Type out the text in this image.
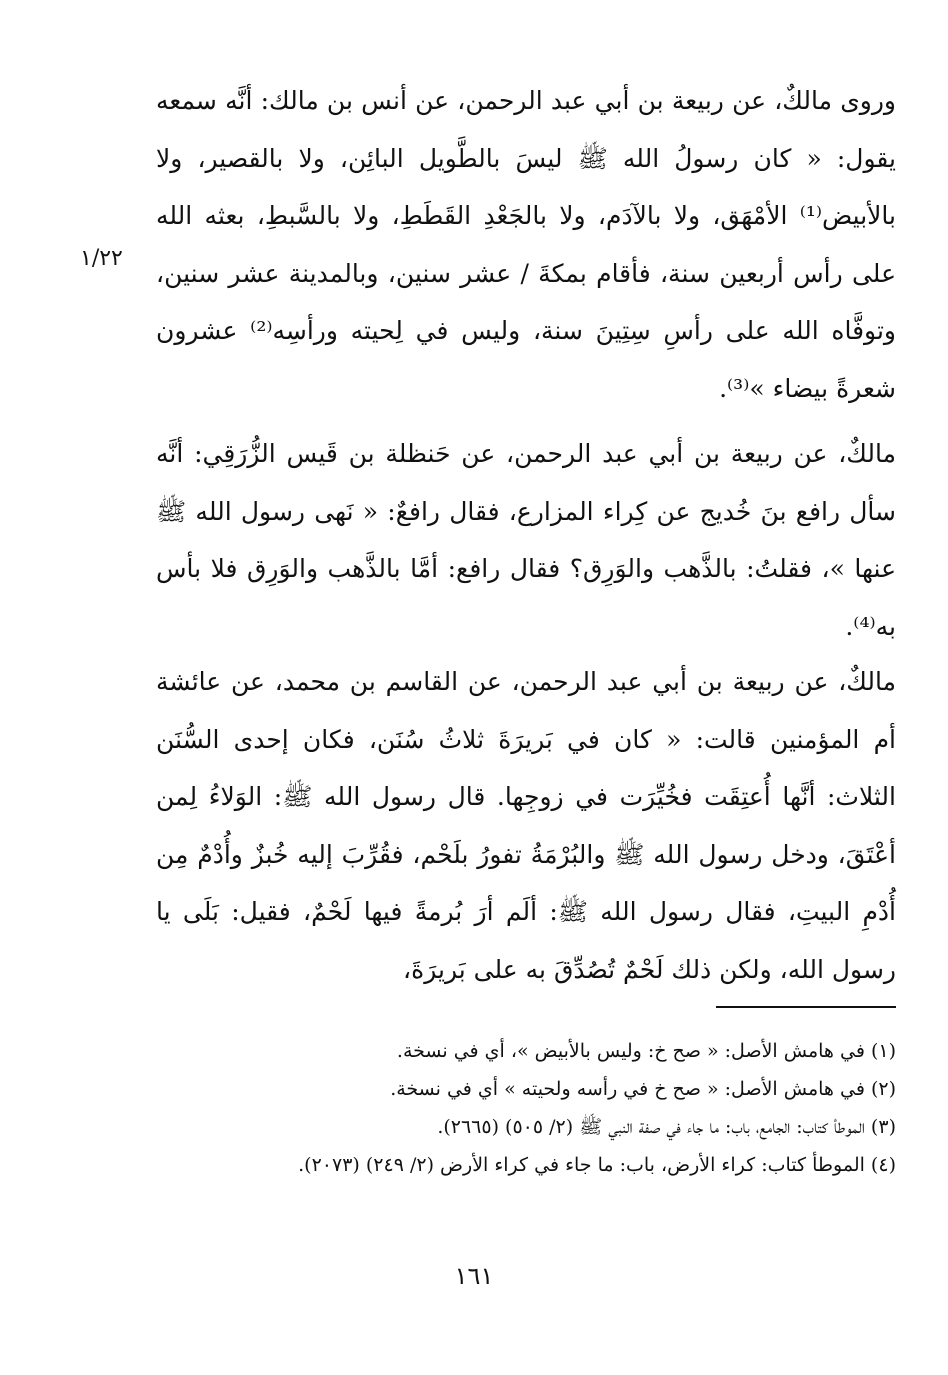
وروى مالكٌ، عن ربيعة بن أبي عبد الرحمن، عن أنس بن مالك: أنَّه سمعه يقول: « كان رسولُ الله ﷺ ليسَ بالطَّويل البائِن، ولا بالقصير، ولا بالأبيض⁽¹⁾ الأمْهَق، ولا بالآدَم، ولا بالجَعْدِ القَطَطِ، ولا بالسَّبطِ، بعثه الله على رأس أربعين سنة، فأقام بمكةَ / عشر سنين، وبالمدينة عشر سنين، وتوفَّاه الله على رأسِ سِتِينَ سنة، وليس في لِحيته ورأسِه⁽²⁾ عشرون شعرةً بيضاء »⁽³⁾.

١/٢٢

مالكٌ، عن ربيعة بن أبي عبد الرحمن، عن حَنظلة بن قَيس الزُّرَقِي: أنَّه سأل رافع بنَ خُديج عن كِراء المزارع، فقال رافعٌ: « نَهى رسول الله ﷺ عنها »، فقلتُ: بالذَّهب والوَرِق؟ فقال رافع: أمَّا بالذَّهب والوَرِق فلا بأس به⁽⁴⁾.

مالكٌ، عن ربيعة بن أبي عبد الرحمن، عن القاسم بن محمد، عن عائشة أم المؤمنين قالت: « كان في بَريرَةَ ثلاثُ سُنَن، فكان إحدى السُّنَن الثلاث: أنَّها أُعتِقَت فخُيِّرَت في زوجِها. قال رسول الله ﷺ: الوَلاءُ لِمن أعْتَقَ، ودخل رسول الله ﷺ والبُرْمَةُ تفورُ بلَحْم، فقُرِّبَ إليه خُبزٌ وأُدْمٌ مِن أُدْمِ البيتِ، فقال رسول الله ﷺ: ألَم أرَ بُرمةً فيها لَحْمٌ، فقيل: بَلَى يا رسول الله، ولكن ذلك لَحْمٌ تُصُدِّقَ به على بَريرَةَ،

(١) في هامش الأصل: « صح خ: وليس بالأبيض »، أي في نسخة.

(٢) في هامش الأصل: « صح خ في رأسه ولحيته » أي في نسخة.

(٣) الموطأ كتاب: الجامع، باب: ما جاء في صفة النبي ﷺ (٢/ ٥٠٥) (٢٦٦٥).

(٤) الموطأ كتاب: كراء الأرض، باب: ما جاء في كراء الأرض (٢/ ٢٤٩) (٢٠٧٣).

١٦١
